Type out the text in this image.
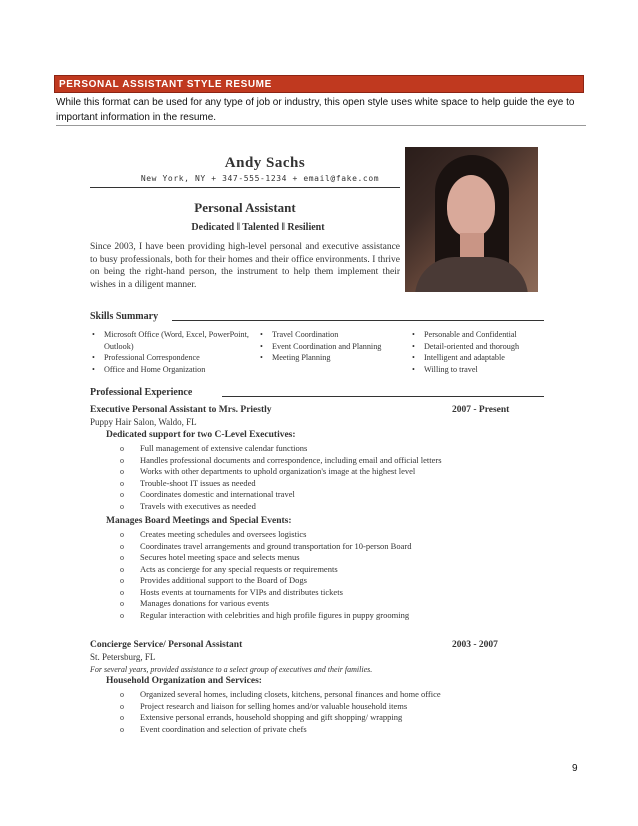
PERSONAL ASSISTANT STYLE RESUME
While this format can be used for any type of job or industry, this open style uses white space to help guide the eye to important information in the resume.
Andy Sachs
New York, NY + 347-555-1234 + email@fake.com
Personal Assistant
Dedicated ‖ Talented ‖ Resilient
Since 2003, I have been providing high-level personal and executive assistance to busy professionals, both for their homes and their office environments. I thrive on being the right-hand person, the instrument to help them implement their wishes in a diligent manner.
Skills Summary
• Microsoft Office (Word, Excel, PowerPoint, Outlook)
• Professional Correspondence
• Office and Home Organization
• Travel Coordination
• Event Coordination and Planning
• Meeting Planning
• Personable and Confidential
• Detail-oriented and thorough
• Intelligent and adaptable
• Willing to travel
Professional Experience
Executive Personal Assistant to Mrs. Priestly	2007 - Present
Puppy Hair Salon, Waldo, FL
Dedicated support for two C-Level Executives:
o Full management of extensive calendar functions
o Handles professional documents and correspondence, including email and official letters
o Works with other departments to uphold organization's image at the highest level
o Trouble-shoot IT issues as needed
o Coordinates domestic and international travel
o Travels with executives as needed
Manages Board Meetings and Special Events:
o Creates meeting schedules and oversees logistics
o Coordinates travel arrangements and ground transportation for 10-person Board
o Secures hotel meeting space and selects menus
o Acts as concierge for any special requests or requirements
o Provides additional support to the Board of Dogs
o Hosts events at tournaments for VIPs and distributes tickets
o Manages donations for various events
o Regular interaction with celebrities and high profile figures in puppy grooming
Concierge Service/ Personal Assistant	2003 - 2007
St. Petersburg, FL
For several years, provided assistance to a select group of executives and their families.
Household Organization and Services:
o Organized several homes, including closets, kitchens, personal finances and home office
o Project research and liaison for selling homes and/or valuable household items
o Extensive personal errands, household shopping and gift shopping/ wrapping
o Event coordination and selection of private chefs
9
